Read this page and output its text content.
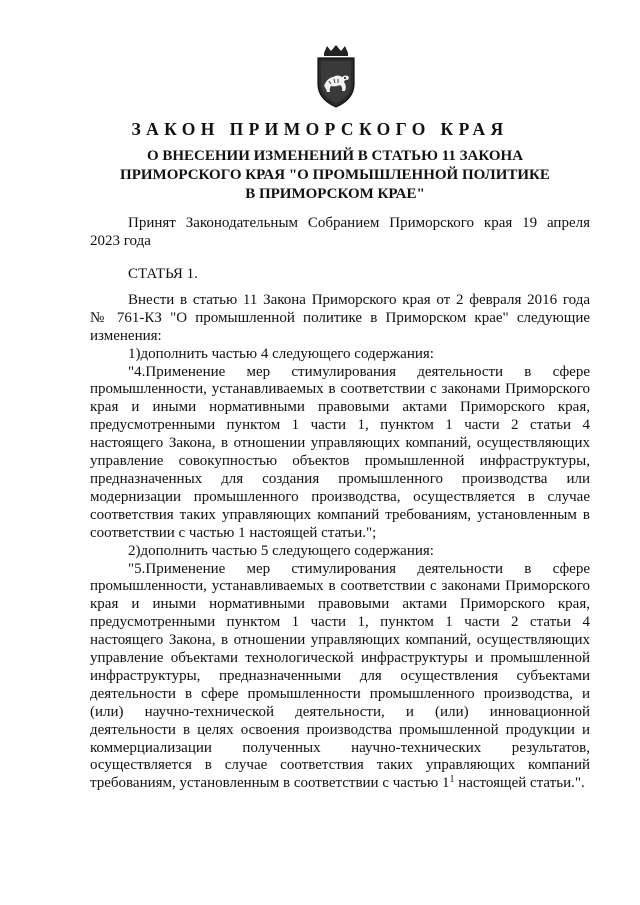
ЗАКОН ПРИМОРСКОГО КРАЯ
О ВНЕСЕНИИ ИЗМЕНЕНИЙ В СТАТЬЮ 11 ЗАКОНА
ПРИМОРСКОГО КРАЯ "О ПРОМЫШЛЕННОЙ ПОЛИТИКЕ
В ПРИМОРСКОМ КРАЕ"
Принят Законодательным Собранием Приморского края 19 апреля
2023 года

СТАТЬЯ 1.

Внести в статью 11 Закона Приморского края от 2 февраля 2016 года

№ 761-КЗ "О промышленной политике в Приморском крае" следующие

изменения:

1)дополнить частью 4 следующего содержания:

"4.Применение мер стимулирования деятельности в сфере промышленности, устанавливаемых в соответствии с законами Приморского края и иными нормативными правовыми актами Приморского края, предусмотренными пунктом 1 части 1, пунктом 1 части 2 статьи 4 настоящего Закона, в отношении управляющих компаний, осуществляющих управление совокупностью объектов промышленной инфраструктуры, предназначенных для создания промышленного производства или модернизации промышленного производства, осуществляется в случае соответствия таких управляющих компаний требованиям, установленным в соответствии с частью 1 настоящей статьи.";

2)дополнить частью 5 следующего содержания:

"5.Применение мер стимулирования деятельности в сфере промышленности, устанавливаемых в соответствии с законами Приморского края и иными нормативными правовыми актами Приморского края, предусмотренными пунктом 1 части 1, пунктом 1 части 2 статьи 4 настоящего Закона, в отношении управляющих компаний, осуществляющих управление объектами технологической инфраструктуры и промышленной инфраструктуры, предназначенными для осуществления субъектами деятельности в сфере промышленности промышленного производства, и (или) научно-технической деятельности, и (или) инновационной деятельности в целях освоения производства промышленной продукции и коммерциализации полученных научно-технических результатов, осуществляется в случае соответствия таких управляющих компаний требованиям, установленным в соответствии с частью $1^1$ настоящей статьи.".
